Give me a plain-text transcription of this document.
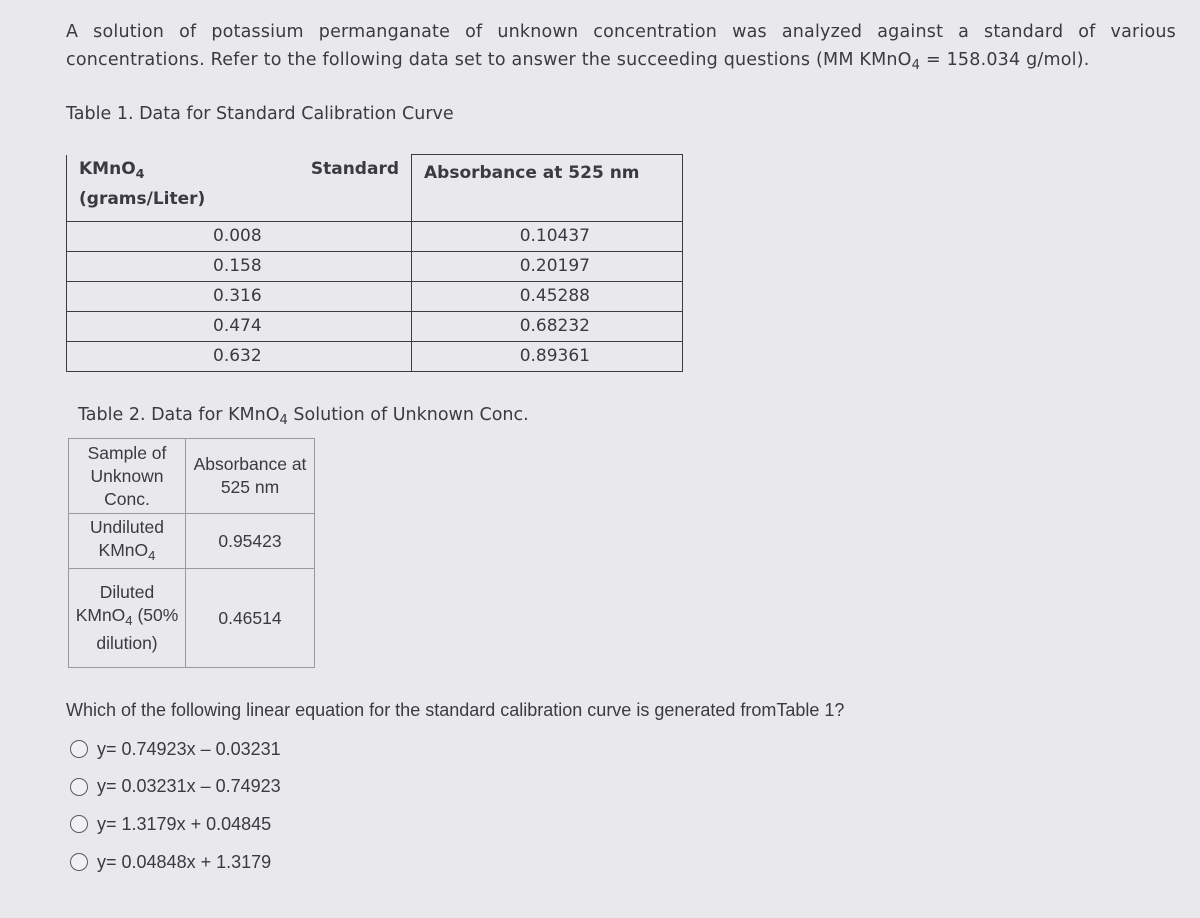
A solution of potassium permanganate of unknown concentration was analyzed against a standard of various concentrations. Refer to the following data set to answer the succeeding questions (MM KMnO$_4$ = 158.034 g/mol).
Table 1. Data for Standard Calibration Curve
KMnO$_4$
(grams/Liter)
Standard	Absorbance at 525 nm
0.008	0.10437
0.158	0.20197
0.316	0.45288
0.474	0.68232
0.632	0.89361
Table 2. Data for KMnO$_4$ Solution of Unknown Conc.
Sample of Unknown Conc.	Absorbance at 525 nm
Undiluted KMnO$_4$	0.95423
Diluted KMnO$_4$ (50% dilution)	0.46514
Which of the following linear equation for the standard calibration curve is generated fromTable 1?
y= 0.74923x – 0.03231
y= 0.03231x – 0.74923
y= 1.3179x + 0.04845
y= 0.04848x + 1.3179
